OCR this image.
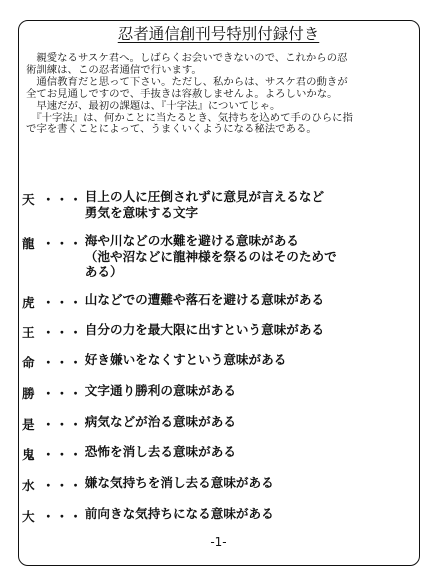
忍者通信創刊号特別付録付き

　親愛なるサスケ君へ。しばらくお会いできないので、これからの忍術訓練は、この忍者通信で行います。

　通信教育だと思って下さい。ただし、私からは、サスケ君の動きが全てお見通しですので、手抜きは容赦しませんよ。よろしいかな。

　早速だが、最初の課題は、『十字法』についてじゃ。

　『十字法』は、何かことに当たるとき、気持ちを込めて手のひらに指で字を書くことによって、うまくいくようになる秘法である。

天 ・・・ 目上の人に圧倒されずに意見が言えるなど
勇気を意味する文字
龍 ・・・ 海や川などの水難を避ける意味がある
（池や沼などに龍神様を祭るのはそのためで
ある）
虎 ・・・ 山などでの遭難や落石を避ける意味がある
王 ・・・ 自分の力を最大限に出すという意味がある
命 ・・・ 好き嫌いをなくすという意味がある
勝 ・・・ 文字通り勝利の意味がある
是 ・・・ 病気などが治る意味がある
鬼 ・・・ 恐怖を消し去る意味がある
水 ・・・ 嫌な気持ちを消し去る意味がある
大 ・・・ 前向きな気持ちになる意味がある
-1-
